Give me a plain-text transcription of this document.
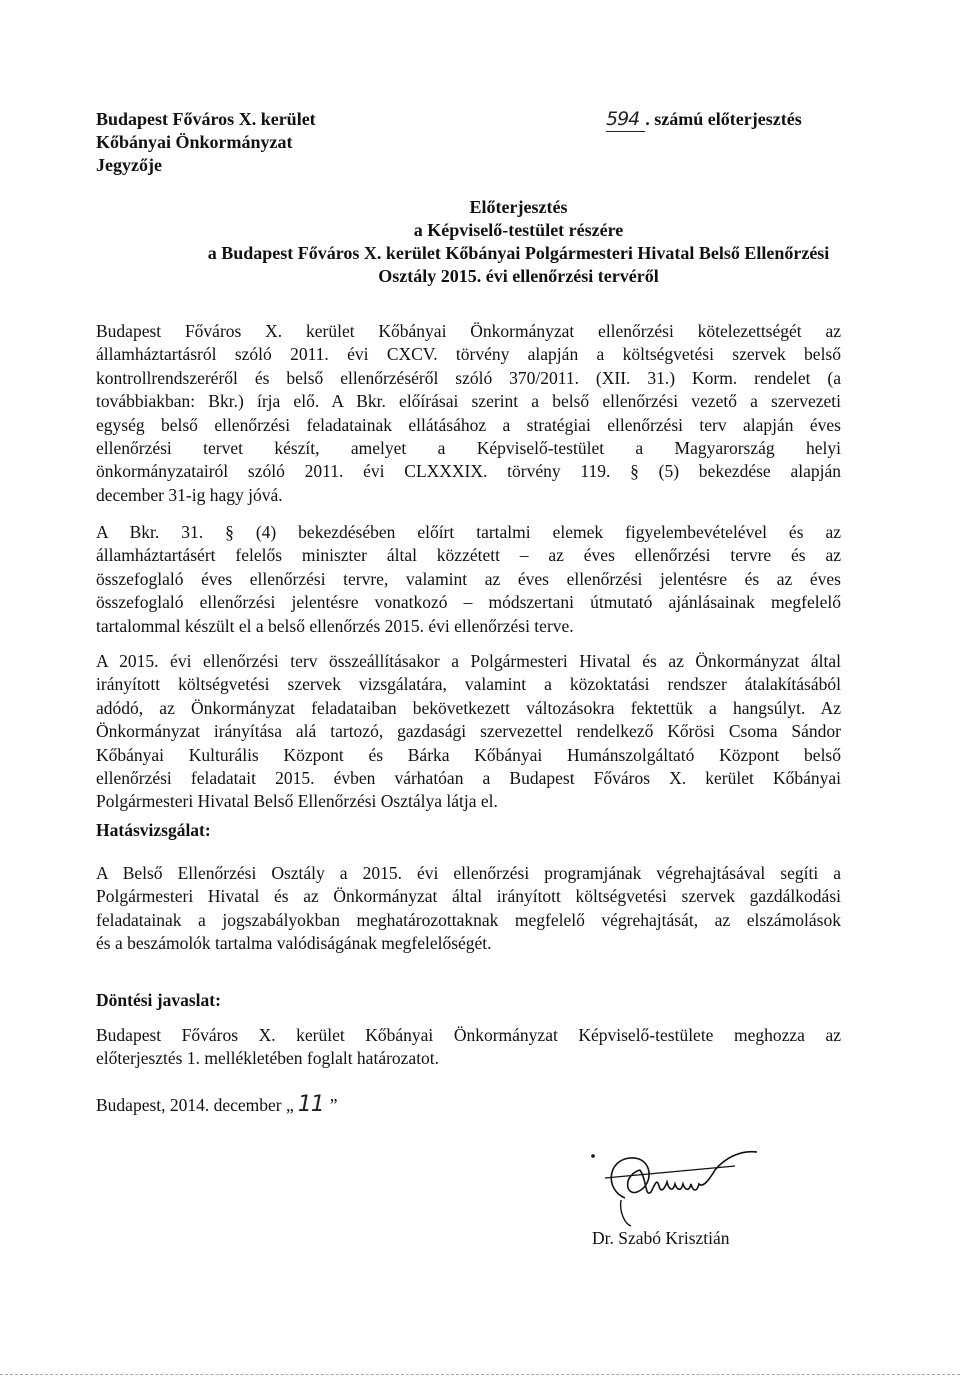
Budapest Főváros X. kerület
Kőbányai Önkormányzat
Jegyzője
594 . számú előterjesztés
Előterjesztés
a Képviselő-testület részére
a Budapest Főváros X. kerület Kőbányai Polgármesteri Hivatal Belső Ellenőrzési
Osztály 2015. évi ellenőrzési tervéről
Budapest Főváros X. kerület Kőbányai Önkormányzat ellenőrzési kötelezettségét az
államháztartásról szóló 2011. évi CXCV. törvény alapján a költségvetési szervek belső
kontrollrendszeréről és belső ellenőrzéséről szóló 370/2011. (XII. 31.) Korm. rendelet (a
továbbiakban: Bkr.) írja elő. A Bkr. előírásai szerint a belső ellenőrzési vezető a szervezeti
egység belső ellenőrzési feladatainak ellátásához a stratégiai ellenőrzési terv alapján éves
ellenőrzési tervet készít, amelyet a Képviselő-testület a Magyarország helyi
önkormányzatairól szóló 2011. évi CLXXXIX. törvény 119. § (5) bekezdése alapján
december 31-ig hagy jóvá.
A Bkr. 31. § (4) bekezdésében előírt tartalmi elemek figyelembevételével és az
államháztartásért felelős miniszter által közzétett – az éves ellenőrzési tervre és az
összefoglaló éves ellenőrzési tervre, valamint az éves ellenőrzési jelentésre és az éves
összefoglaló ellenőrzési jelentésre vonatkozó – módszertani útmutató ajánlásainak megfelelő
tartalommal készült el a belső ellenőrzés 2015. évi ellenőrzési terve.
A 2015. évi ellenőrzési terv összeállításakor a Polgármesteri Hivatal és az Önkormányzat által
irányított költségvetési szervek vizsgálatára, valamint a közoktatási rendszer átalakításából
adódó, az Önkormányzat feladataiban bekövetkezett változásokra fektettük a hangsúlyt. Az
Önkormányzat irányítása alá tartozó, gazdasági szervezettel rendelkező Kőrösi Csoma Sándor
Kőbányai Kulturális Központ és Bárka Kőbányai Humánszolgáltató Központ belső
ellenőrzési feladatait 2015. évben várhatóan a Budapest Főváros X. kerület Kőbányai
Polgármesteri Hivatal Belső Ellenőrzési Osztálya látja el.
Hatásvizsgálat:
A Belső Ellenőrzési Osztály a 2015. évi ellenőrzési programjának végrehajtásával segíti a
Polgármesteri Hivatal és az Önkormányzat által irányított költségvetési szervek gazdálkodási
feladatainak a jogszabályokban meghatározottaknak megfelelő végrehajtását, az elszámolások
és a beszámolók tartalma valódiságának megfelelőségét.
Döntési javaslat:
Budapest Főváros X. kerület Kőbányai Önkormányzat Képviselő-testülete meghozza az
előterjesztés 1. mellékletében foglalt határozatot.
Budapest, 2014. december „ 11 ”
Dr. Szabó Krisztián
